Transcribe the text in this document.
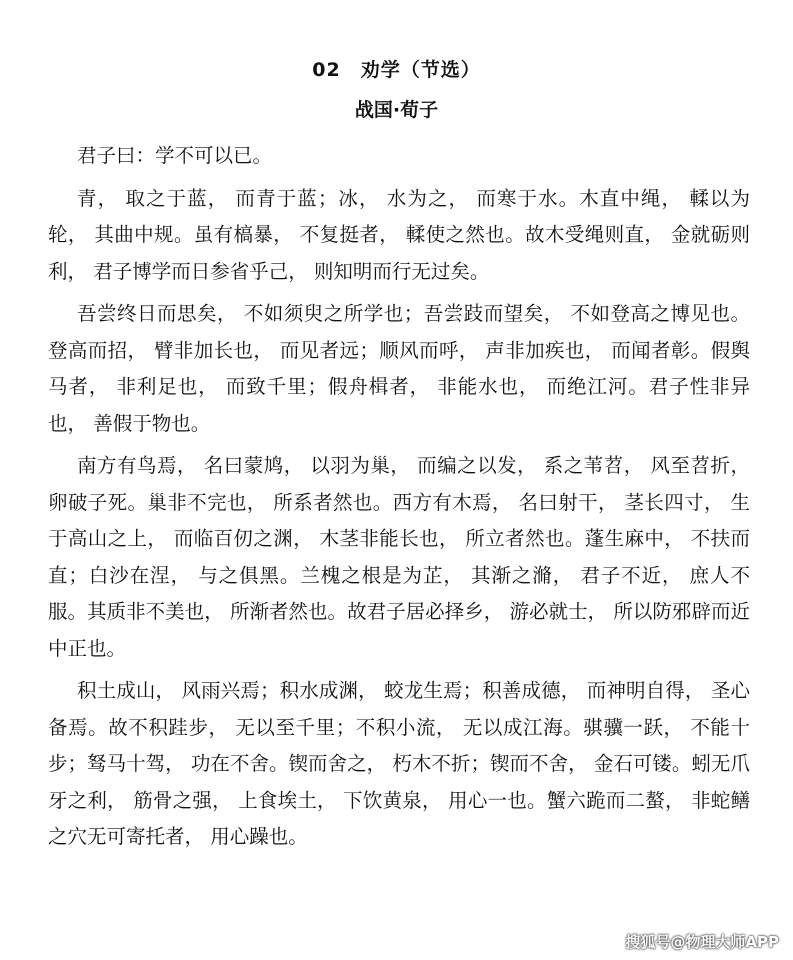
02　劝学（节选）
战国·荀子

君子曰：学不可以已。

青， 取之于蓝， 而青于蓝；冰， 水为之， 而寒于水。木直中绳， 輮以为轮， 其曲中规。虽有槁暴， 不复挺者， 輮使之然也。故木受绳则直， 金就砺则利， 君子博学而日参省乎己， 则知明而行无过矣。

吾尝终日而思矣， 不如须臾之所学也；吾尝跂而望矣， 不如登高之博见也。登高而招， 臂非加长也， 而见者远；顺风而呼， 声非加疾也， 而闻者彰。假舆马者， 非利足也， 而致千里；假舟楫者， 非能水也， 而绝江河。君子性非异也， 善假于物也。

南方有鸟焉， 名曰蒙鸠， 以羽为巢， 而编之以发， 系之苇苕， 风至苕折， 卵破子死。巢非不完也， 所系者然也。西方有木焉， 名曰射干， 茎长四寸， 生于高山之上， 而临百仞之渊， 木茎非能长也， 所立者然也。蓬生麻中， 不扶而直；白沙在涅， 与之俱黑。兰槐之根是为芷， 其渐之滫， 君子不近， 庶人不服。其质非不美也， 所渐者然也。故君子居必择乡， 游必就士， 所以防邪辟而近中正也。

积土成山， 风雨兴焉；积水成渊， 蛟龙生焉；积善成德， 而神明自得， 圣心备焉。故不积跬步， 无以至千里；不积小流， 无以成江海。骐骥一跃， 不能十步；驽马十驾， 功在不舍。锲而舍之， 朽木不折；锲而不舍， 金石可镂。蚓无爪牙之利， 筋骨之强， 上食埃土， 下饮黄泉， 用心一也。蟹六跪而二螯， 非蛇鳝之穴无可寄托者， 用心躁也。

搜狐号@物理大师APP
